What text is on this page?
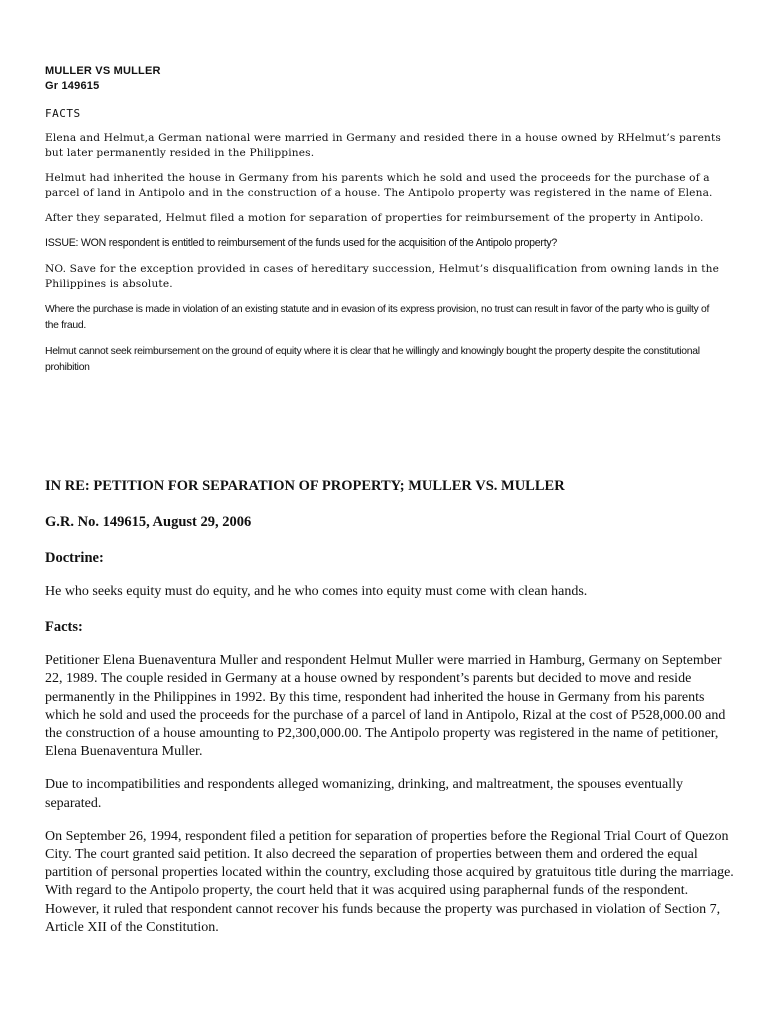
MULLER VS MULLER
Gr 149615
FACTS

Elena and Helmut,a German national were married in Germany and resided there in a house owned by RHelmut’s parents but later permanently resided in the Philippines.

Helmut had inherited the house in Germany from his parents which he sold and used the proceeds for the purchase of a parcel of land in Antipolo and in the construction of a house. The Antipolo property was registered in the name of Elena.

After they separated, Helmut filed a motion for separation of properties for reimbursement of the property in Antipolo.

ISSUE: WON respondent is entitled to reimbursement of the funds used for the acquisition of the Antipolo property?

NO. Save for the exception provided in cases of hereditary succession, Helmut’s disqualification from owning lands in the Philippines is absolute.

Where the purchase is made in violation of an existing statute and in evasion of its express provision, no trust can result in favor of the party who is guilty of the fraud.

Helmut cannot seek reimbursement on the ground of equity where it is clear that he willingly and knowingly bought the property despite the constitutional prohibition

IN RE: PETITION FOR SEPARATION OF PROPERTY; MULLER VS. MULLER

G.R. No. 149615, August 29, 2006

Doctrine:

He who seeks equity must do equity, and he who comes into equity must come with clean hands.

Facts:

Petitioner Elena Buenaventura Muller and respondent Helmut Muller were married in Hamburg, Germany on September 22, 1989. The couple resided in Germany at a house owned by respondent’s parents but decided to move and reside permanently in the Philippines in 1992. By this time, respondent had inherited the house in Germany from his parents which he sold and used the proceeds for the purchase of a parcel of land in Antipolo, Rizal at the cost of P528,000.00 and the construction of a house amounting to P2,300,000.00. The Antipolo property was registered in the name of petitioner, Elena Buenaventura Muller.

Due to incompatibilities and respondents alleged womanizing, drinking, and maltreatment, the spouses eventually separated.

On September 26, 1994, respondent filed a petition for separation of properties before the Regional Trial Court of Quezon City. The court granted said petition. It also decreed the separation of properties between them and ordered the equal partition of personal properties located within the country, excluding those acquired by gratuitous title during the marriage. With regard to the Antipolo property, the court held that it was acquired using paraphernal funds of the respondent. However, it ruled that respondent cannot recover his funds because the property was purchased in violation of Section 7, Article XII of the Constitution.
